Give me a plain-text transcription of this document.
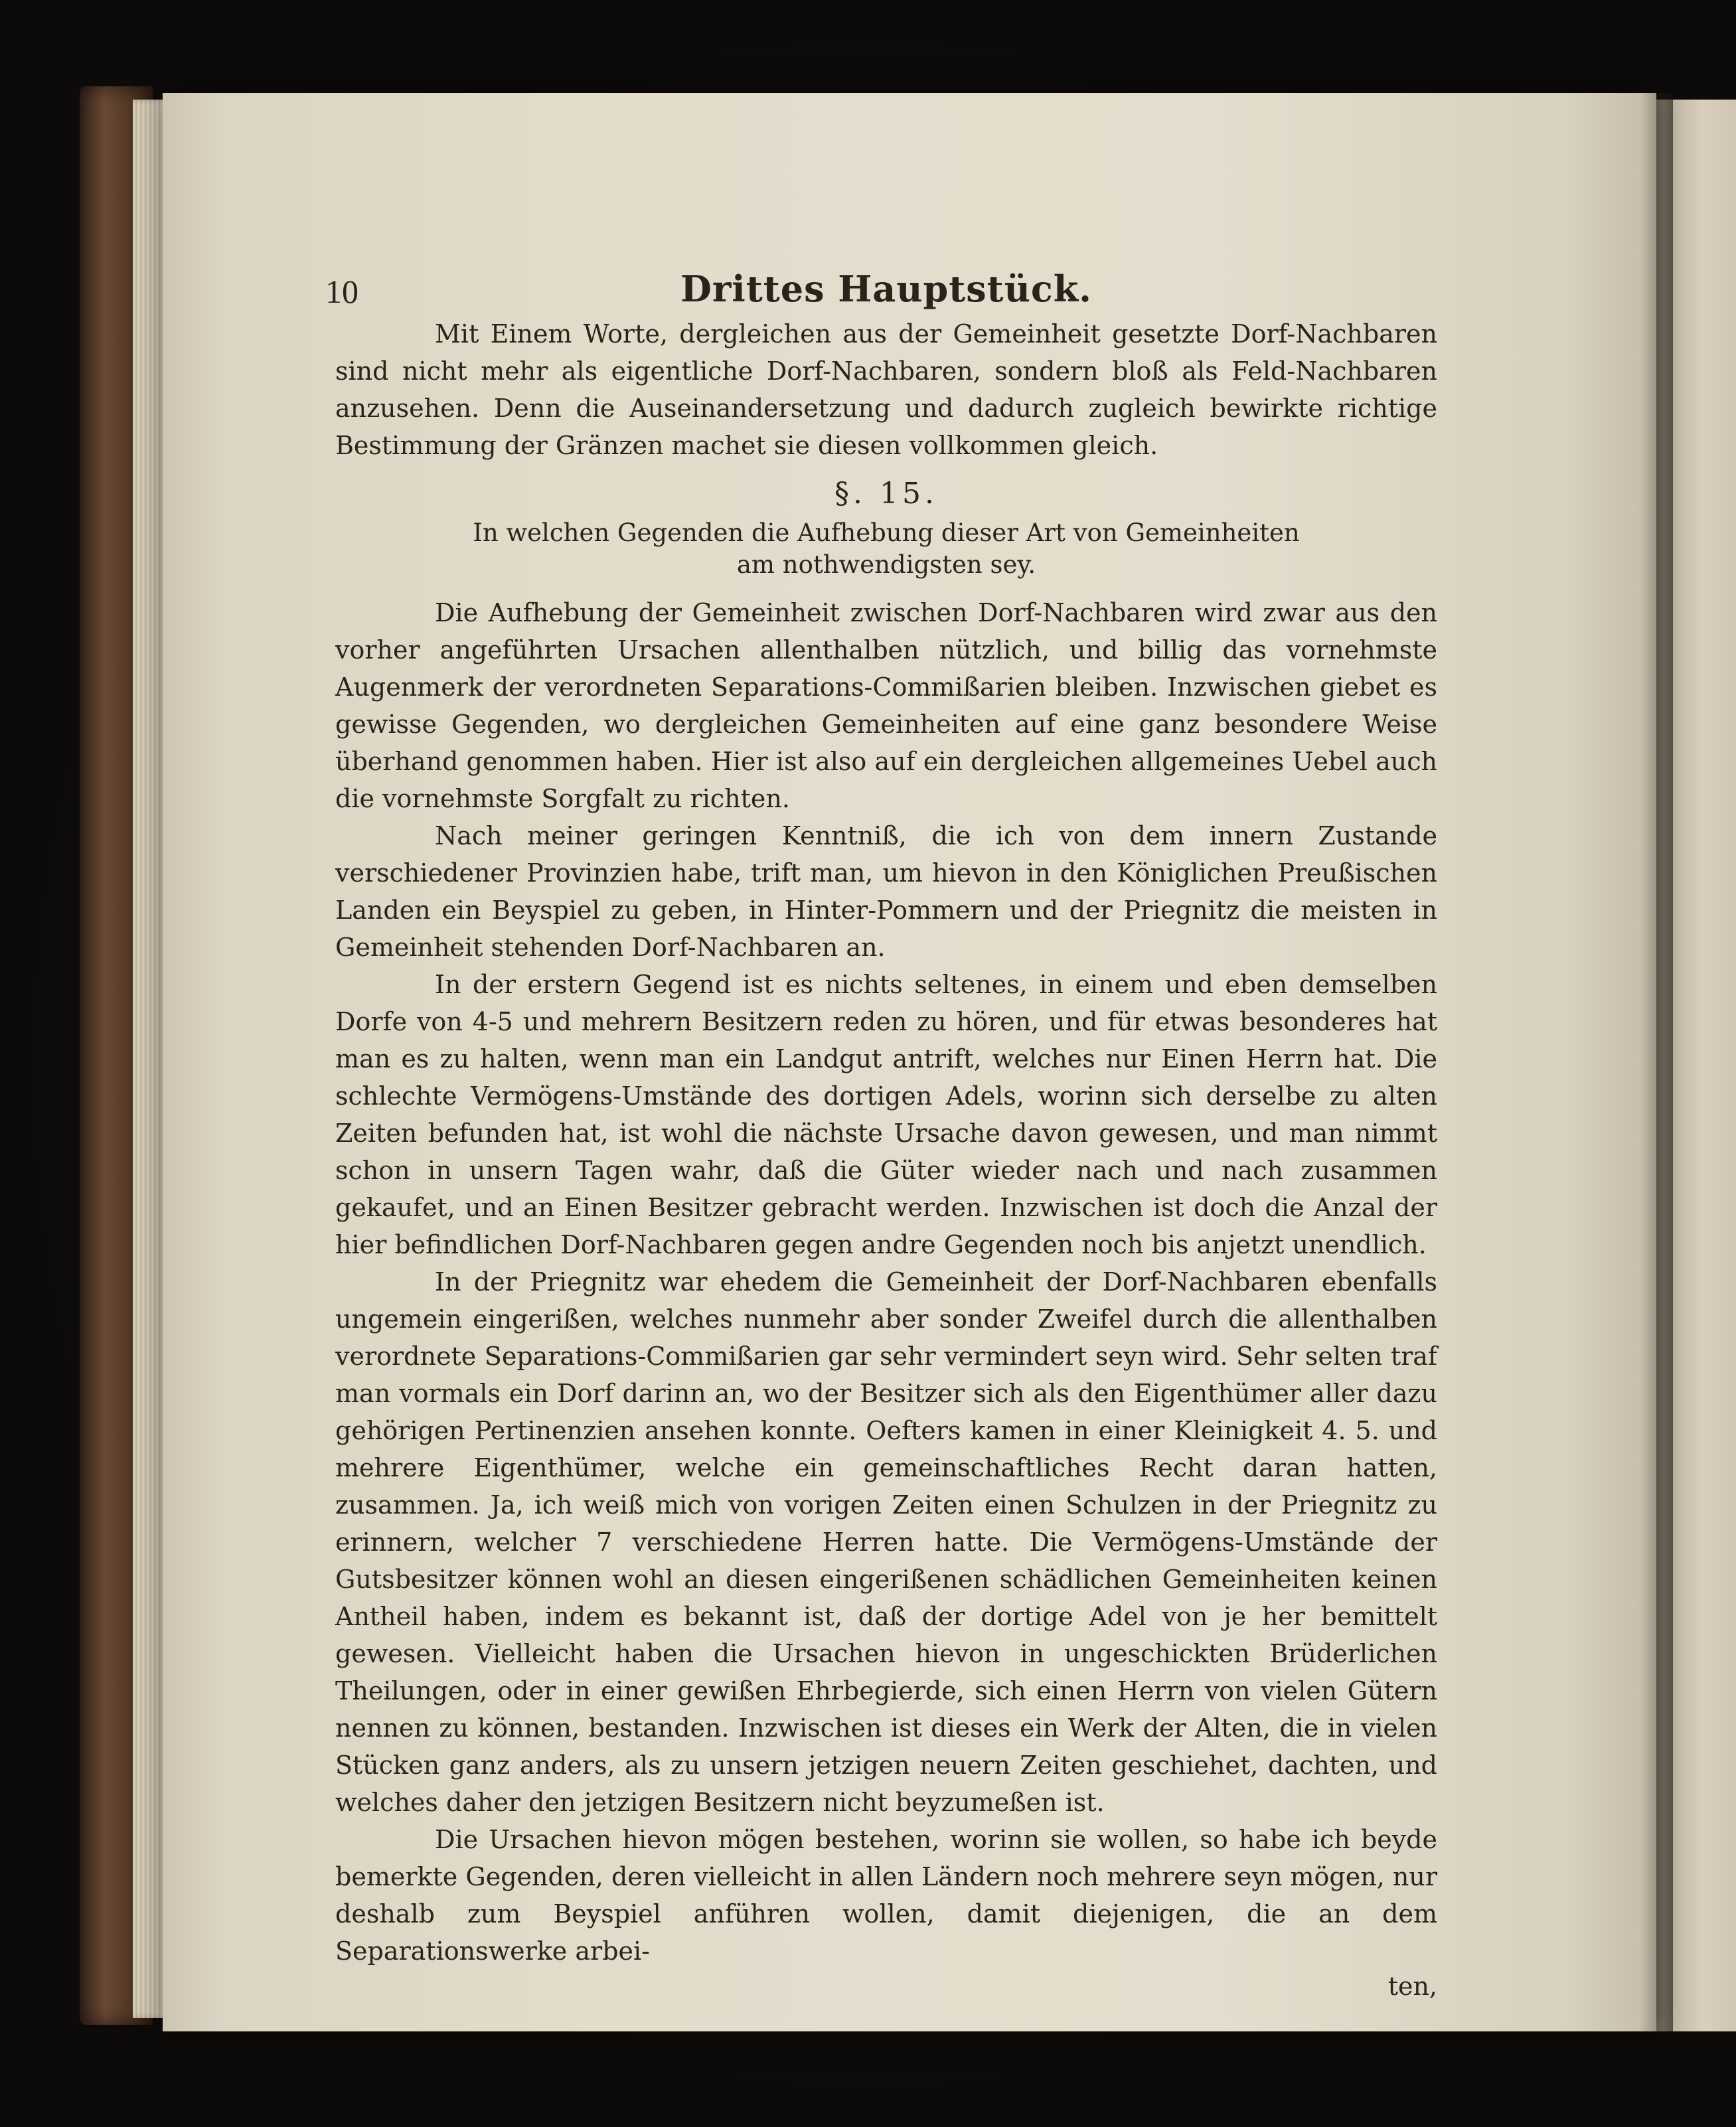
10	Drittes Hauptstück.

Mit Einem Worte, dergleichen aus der Gemeinheit gesetzte Dorf-Nachbaren sind nicht mehr als eigentliche Dorf-Nachbaren, sondern bloß als Feld-Nachbaren anzusehen. Denn die Auseinandersetzung und dadurch zugleich bewirkte richtige Bestimmung der Gränzen machet sie diesen vollkommen gleich.

§. 15.
In welchen Gegenden die Aufhebung dieser Art von Gemeinheiten
am nothwendigsten sey.

Die Aufhebung der Gemeinheit zwischen Dorf-Nachbaren wird zwar aus den vorher angeführten Ursachen allenthalben nützlich, und billig das vornehmste Augenmerk der verordneten Separations-Commißarien bleiben. Inzwischen giebet es gewisse Gegenden, wo dergleichen Gemeinheiten auf eine ganz besondere Weise überhand genommen haben. Hier ist also auf ein dergleichen allgemeines Uebel auch die vornehmste Sorgfalt zu richten.

Nach meiner geringen Kenntniß, die ich von dem innern Zustande verschiedener Provinzien habe, trift man, um hievon in den Königlichen Preußischen Landen ein Beyspiel zu geben, in Hinter-Pommern und der Priegnitz die meisten in Gemeinheit stehenden Dorf-Nachbaren an.

In der erstern Gegend ist es nichts seltenes, in einem und eben demselben Dorfe von 4-5 und mehrern Besitzern reden zu hören, und für etwas besonderes hat man es zu halten, wenn man ein Landgut antrift, welches nur Einen Herrn hat. Die schlechte Vermögens-Umstände des dortigen Adels, worinn sich derselbe zu alten Zeiten befunden hat, ist wohl die nächste Ursache davon gewesen, und man nimmt schon in unsern Tagen wahr, daß die Güter wieder nach und nach zusammen gekaufet, und an Einen Besitzer gebracht werden. Inzwischen ist doch die Anzal der hier befindlichen Dorf-Nachbaren gegen andre Gegenden noch bis anjetzt unendlich.

In der Priegnitz war ehedem die Gemeinheit der Dorf-Nachbaren ebenfalls ungemein eingerißen, welches nunmehr aber sonder Zweifel durch die allenthalben verordnete Separations-Commißarien gar sehr vermindert seyn wird. Sehr selten traf man vormals ein Dorf darinn an, wo der Besitzer sich als den Eigenthümer aller dazu gehörigen Pertinenzien ansehen konnte. Oefters kamen in einer Kleinigkeit 4. 5. und mehrere Eigenthümer, welche ein gemeinschaftliches Recht daran hatten, zusammen. Ja, ich weiß mich von vorigen Zeiten einen Schulzen in der Priegnitz zu erinnern, welcher 7 verschiedene Herren hatte. Die Vermögens-Umstände der Gutsbesitzer können wohl an diesen eingerißenen schädlichen Gemeinheiten keinen Antheil haben, indem es bekannt ist, daß der dortige Adel von je her bemittelt gewesen. Vielleicht haben die Ursachen hievon in ungeschickten Brüderlichen Theilungen, oder in einer gewißen Ehrbegierde, sich einen Herrn von vielen Gütern nennen zu können, bestanden. Inzwischen ist dieses ein Werk der Alten, die in vielen Stücken ganz anders, als zu unsern jetzigen neuern Zeiten geschiehet, dachten, und welches daher den jetzigen Besitzern nicht beyzumeßen ist.

Die Ursachen hievon mögen bestehen, worinn sie wollen, so habe ich beyde bemerkte Gegenden, deren vielleicht in allen Ländern noch mehrere seyn mögen, nur deshalb zum Beyspiel anführen wollen, damit diejenigen, die an dem Separationswerke arbei-

ten,
